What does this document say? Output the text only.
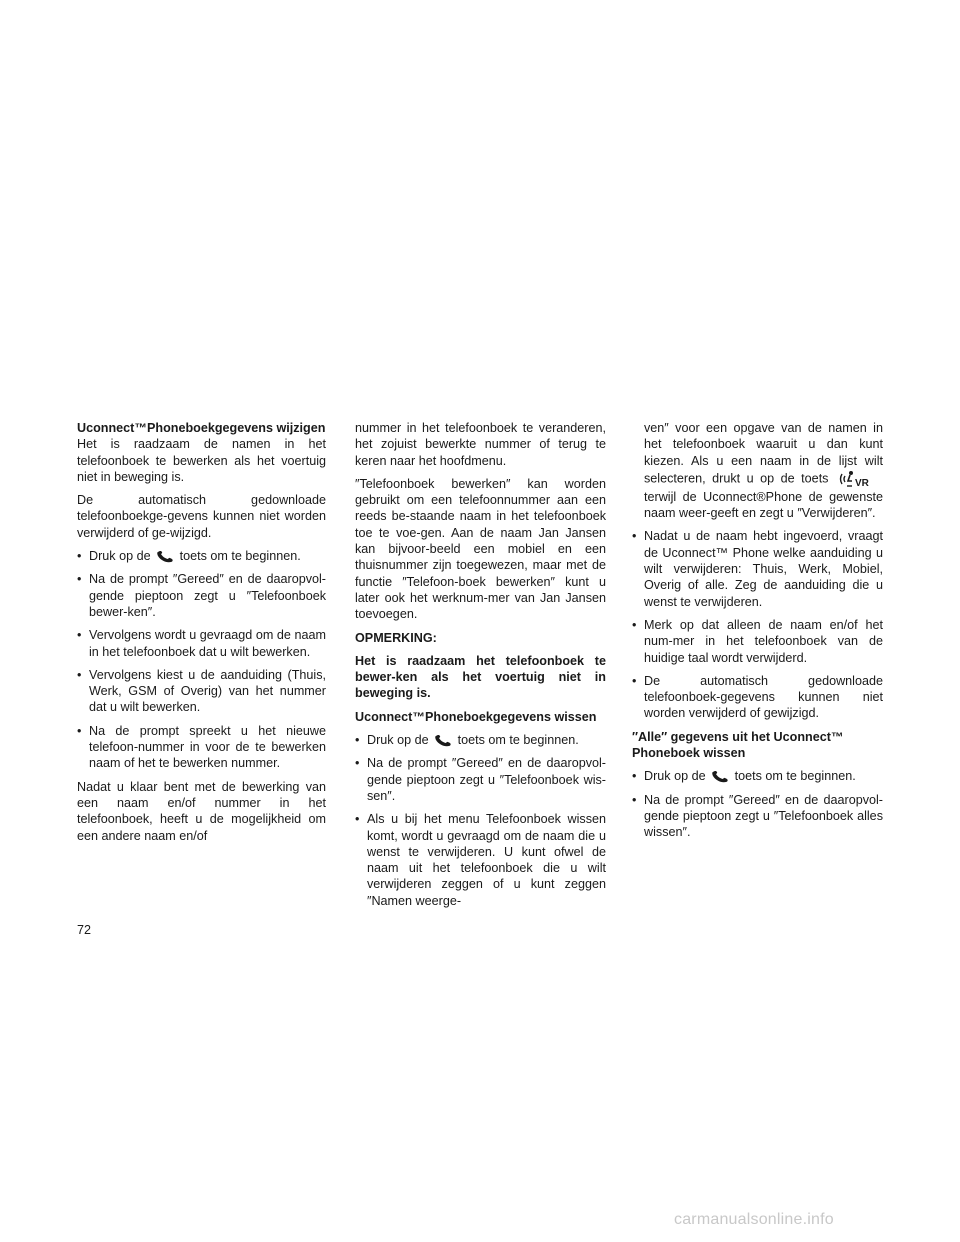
Uconnect™Phoneboekgegevens wijzigen

Het is raadzaam de namen in het telefoonboek te bewerken als het voertuig niet in beweging is.

De automatisch gedownloade telefoonboekge-gevens kunnen niet worden verwijderd of ge-wijzigd.

• Druk op de toets om te beginnen.
• Na de prompt ″Gereed″ en de daaropvol-gende pieptoon zegt u ″Telefoonboek bewer-ken″.
• Vervolgens wordt u gevraagd om de naam in het telefoonboek dat u wilt bewerken.
• Vervolgens kiest u de aanduiding (Thuis, Werk, GSM of Overig) van het nummer dat u wilt bewerken.
• Na de prompt spreekt u het nieuwe telefoon-nummer in voor de te bewerken naam of het te bewerken nummer.

Nadat u klaar bent met de bewerking van een naam en/of nummer in het telefoonboek, heeft u de mogelijkheid om een andere naam en/of

nummer in het telefoonboek te veranderen, het zojuist bewerkte nummer of terug te keren naar het hoofdmenu.

″Telefoonboek bewerken″ kan worden gebruikt om een telefoonnummer aan een reeds be-staande naam in het telefoonboek toe te voe-gen. Aan de naam Jan Jansen kan bijvoor-beeld een mobiel en een thuisnummer zijn toegewezen, maar met de functie ″Telefoon-boek bewerken″ kunt u later ook het werknum-mer van Jan Jansen toevoegen.

OPMERKING:

Het is raadzaam het telefoonboek te bewer-ken als het voertuig niet in beweging is.

Uconnect™Phoneboekgegevens wissen

• Druk op de toets om te beginnen.
• Na de prompt ″Gereed″ en de daaropvol-gende pieptoon zegt u ″Telefoonboek wis-sen″.
• Als u bij het menu Telefoonboek wissen komt, wordt u gevraagd om de naam die u wenst te verwijderen. U kunt ofwel de naam uit het telefoonboek die u wilt verwijderen zeggen of u kunt zeggen ″Namen weerge-
ven″ voor een opgave van de namen in het telefoonboek waaruit u dan kunt kiezen. Als u een naam in de lijst wilt selecteren, drukt u op de toets	VR
terwijl de Uconnect®Phone de gewenste naam weer-geeft en zegt u ″Verwijderen″.
• Nadat u de naam hebt ingevoerd, vraagt de Uconnect™ Phone welke aanduiding u wilt verwijderen: Thuis, Werk, Mobiel, Overig of alle. Zeg de aanduiding die u wenst te verwijderen.
• Merk op dat alleen de naam en/of het num-mer in het telefoonboek van de huidige taal wordt verwijderd.
• De automatisch gedownloade telefoonboek-gegevens kunnen niet worden verwijderd of gewijzigd.

″Alle″ gegevens uit het Uconnect™

Phoneboek wissen

• Druk op de toets om te beginnen.
• Na de prompt ″Gereed″ en de daaropvol-gende pieptoon zegt u ″Telefoonboek alles wissen″.
72
carmanualsonline.info
